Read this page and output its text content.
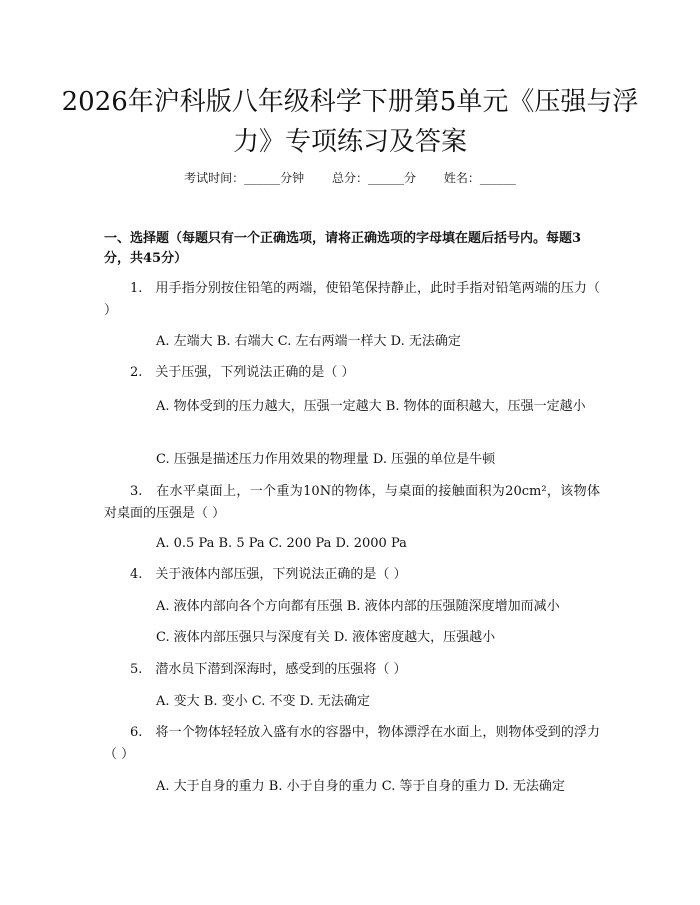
2026年沪科版八年级科学下册第5单元《压强与浮力》专项练习及答案
考试时间：______分钟 总分：______分 姓名：______

一、选择题（每题只有一个正确选项，请将正确选项的字母填在题后括号内。每题3分，共45分）

1.　用手指分别按住铅笔的两端，使铅笔保持静止，此时手指对铅笔两端的压力（ ）

A. 左端大 B. 右端大 C. 左右两端一样大 D. 无法确定

2.　关于压强，下列说法正确的是（ ）

A. 物体受到的压力越大，压强一定越大 B. 物体的面积越大，压强一定越小

C. 压强是描述压力作用效果的物理量 D. 压强的单位是牛顿

3.　在水平桌面上，一个重为10N的物体，与桌面的接触面积为20cm²，该物体对桌面的压强是（ ）

A. 0.5 Pa B. 5 Pa C. 200 Pa D. 2000 Pa

4.　关于液体内部压强，下列说法正确的是（ ）

A. 液体内部向各个方向都有压强 B. 液体内部的压强随深度增加而减小

C. 液体内部压强只与深度有关 D. 液体密度越大，压强越小

5.　潜水员下潜到深海时，感受到的压强将（ ）

A. 变大 B. 变小 C. 不变 D. 无法确定

6.　将一个物体轻轻放入盛有水的容器中，物体漂浮在水面上，则物体受到的浮力（ ）

A. 大于自身的重力 B. 小于自身的重力 C. 等于自身的重力 D. 无法确定
